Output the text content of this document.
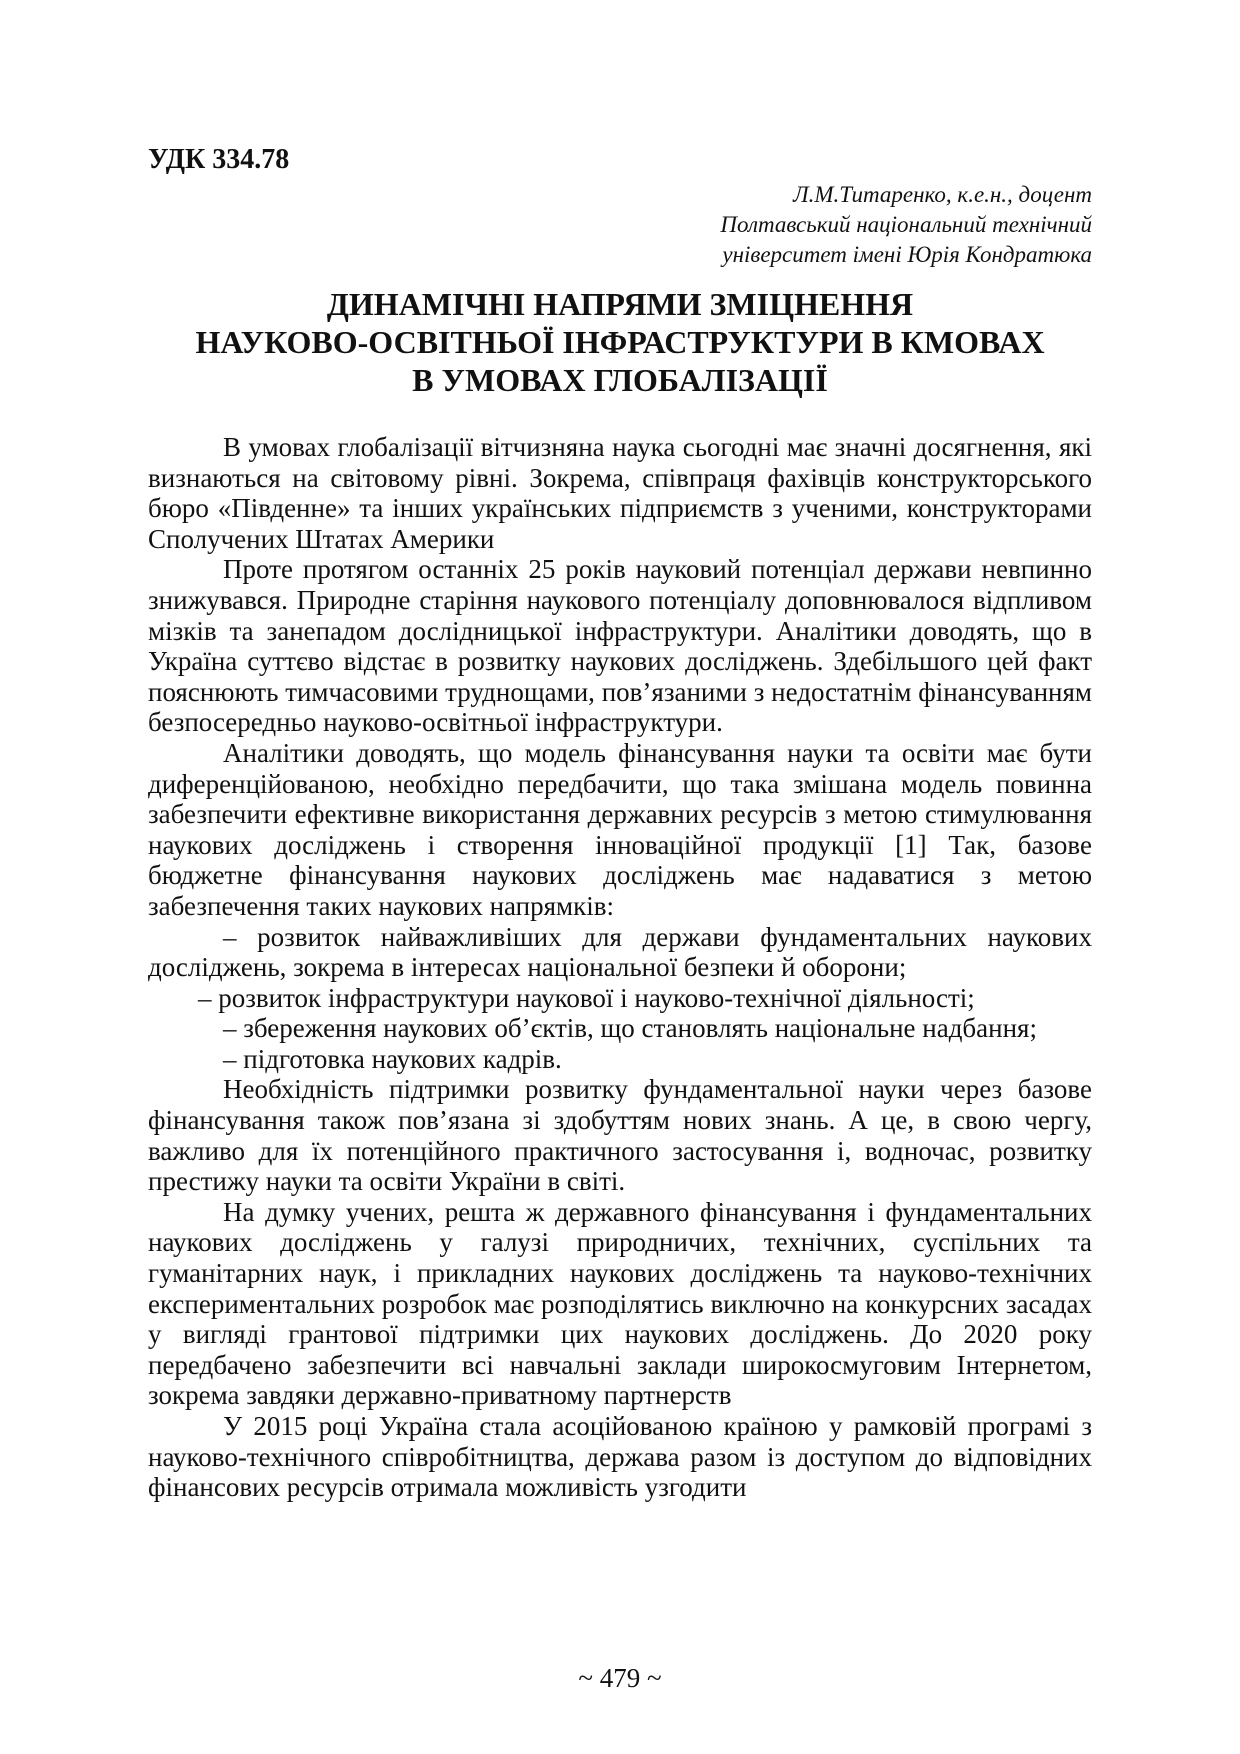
УДК 334.78
Л.М.Титаренко, к.е.н., доцент
Полтавський національний технічний
університет імені Юрія Кондратюка
ДИНАМІЧНІ НАПРЯМИ ЗМІЦНЕННЯ
НАУКОВО-ОСВІТНЬОЇ ІНФРАСТРУКТУРИ В КМОВАХ
В УМОВАХ ГЛОБАЛІЗАЦІЇ

В умовах глобалізації вітчизняна наука сьогодні має значні досягнення, які визнаються на світовому рівні. Зокрема, співпраця фахівців конструкторського бюро «Південне» та інших українських підприємств з ученими, конструкторами Сполучених Штатах Америки

Проте протягом останніх 25 років науковий потенціал держави невпинно знижувався. Природне старіння наукового потенціалу доповнювалося відпливом мізків та занепадом дослідницької інфраструктури. Аналітики доводять, що в Україна суттєво відстає в розвитку наукових досліджень. Здебільшого цей факт пояснюють тимчасовими труднощами, пов’язаними з недостатнім фінансуванням безпосередньо науково-освітньої інфраструктури.

Аналітики доводять, що модель фінансування науки та освіти має бути диференційованою, необхідно передбачити, що така змішана модель повинна забезпечити ефективне використання державних ресурсів з метою стимулювання наукових досліджень і створення інноваційної продукції [1] Так, базове бюджетне фінансування наукових досліджень має надаватися з метою забезпечення таких наукових напрямків:

– розвиток найважливіших для держави фундаментальних наукових досліджень, зокрема в інтересах національної безпеки й оборони;

– розвиток інфраструктури наукової і науково-технічної діяльності;

– збереження наукових об’єктів, що становлять національне надбання;

– підготовка наукових кадрів.

Необхідність підтримки розвитку фундаментальної науки через базове фінансування також пов’язана зі здобуттям нових знань. А це, в свою чергу, важливо для їх потенційного практичного застосування і, водночас, розвитку престижу науки та освіти України в світі.

На думку учених, решта ж державного фінансування і фундаментальних наукових досліджень у галузі природничих, технічних, суспільних та гуманітарних наук, і прикладних наукових досліджень та науково-технічних експериментальних розробок має розподілятись виключно на конкурсних засадах у вигляді грантової підтримки цих наукових досліджень. До 2020 року передбачено забезпечити всі навчальні заклади широкосмуговим Інтернетом, зокрема завдяки державно-приватному партнерств

У 2015 році Україна стала асоційованою країною у рамковій програмі з науково-технічного співробітництва, держава разом із доступом до відповідних фінансових ресурсів отримала можливість узгодити

~ 479 ~
